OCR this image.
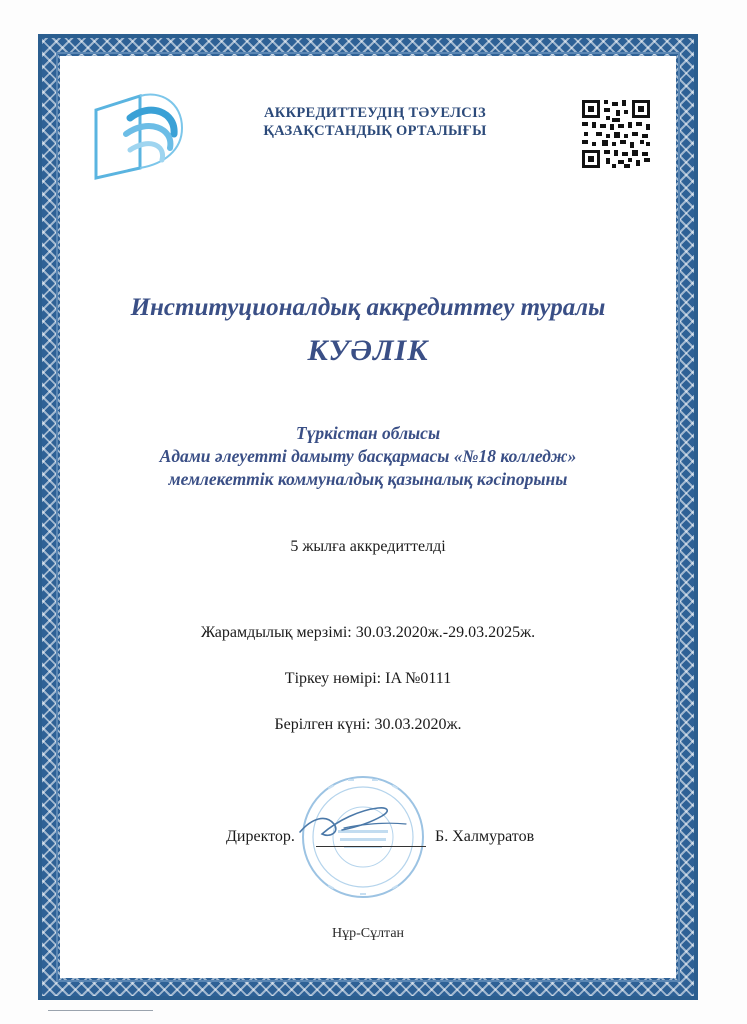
АККРЕДИТТЕУДІҢ ТӘУЕЛСІЗ
ҚАЗАҚСТАНДЫҚ ОРТАЛЫҒЫ
Институционалдық аккредиттеу туралы
КУӘЛІК
Түркістан облысы
Адами әлеуетті дамыту басқармасы «№18 колледж»
мемлекеттік коммуналдық қазыналық кәсіпорыны
5 жылға аккредиттелді
Жарамдылық мерзімі: 30.03.2020ж.-29.03.2025ж.
Тіркеу нөмірі: IA №0111
Берілген күні: 30.03.2020ж.
Директор.	Б. Халмуратов
Нұр-Сұлтан
